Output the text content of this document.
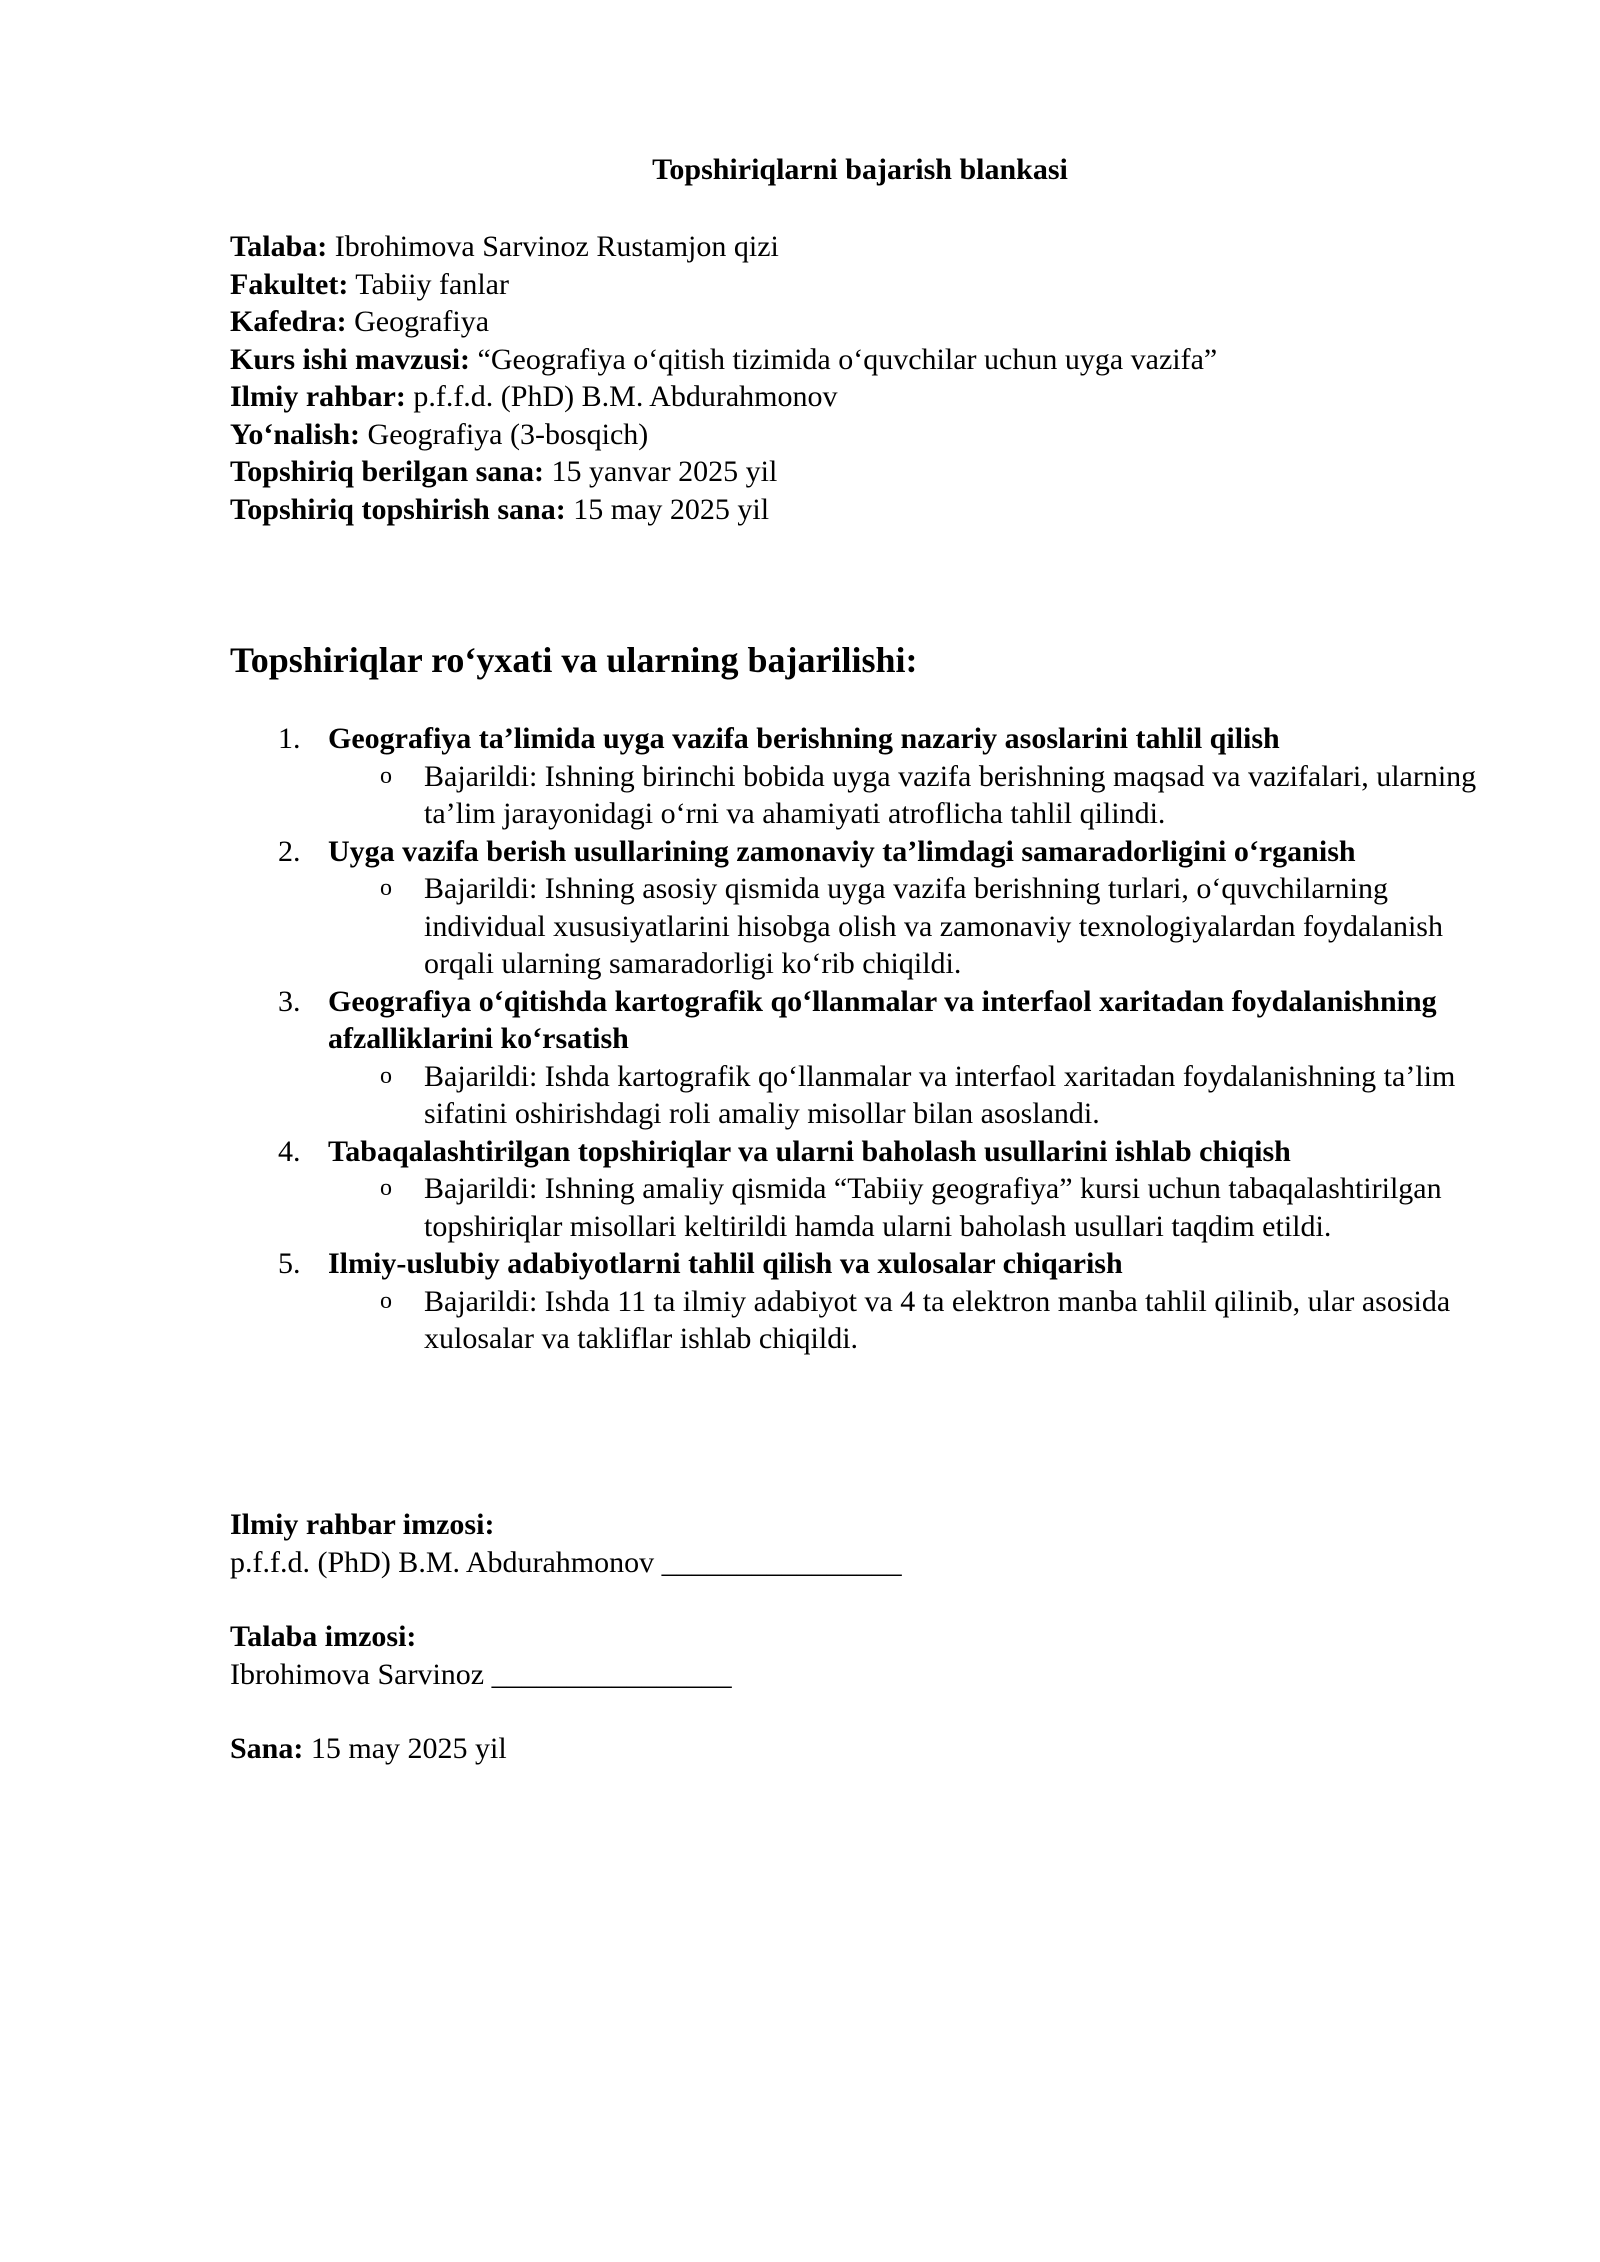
Topshiriqlarni bajarish blankasi
Talaba: Ibrohimova Sarvinoz Rustamjon qizi
Fakultet: Tabiiy fanlar
Kafedra: Geografiya
Kurs ishi mavzusi: “Geografiya o‘qitish tizimida o‘quvchilar uchun uyga vazifa”
Ilmiy rahbar: p.f.f.d. (PhD) B.M. Abdurahmonov
Yo‘nalish: Geografiya (3-bosqich)
Topshiriq berilgan sana: 15 yanvar 2025 yil
Topshiriq topshirish sana: 15 may 2025 yil
Topshiriqlar ro‘yxati va ularning bajarilishi:
1. Geografiya ta’limida uyga vazifa berishning nazariy asoslarini tahlil qilish
o Bajarildi: Ishning birinchi bobida uyga vazifa berishning maqsad va vazifalari, ularning ta’lim jarayonidagi o‘rni va ahamiyati atroflicha tahlil qilindi.
2. Uyga vazifa berish usullarining zamonaviy ta’limdagi samaradorligini o‘rganish
o Bajarildi: Ishning asosiy qismida uyga vazifa berishning turlari, o‘quvchilarning individual xususiyatlarini hisobga olish va zamonaviy texnologiyalardan foydalanish orqali ularning samaradorligi ko‘rib chiqildi.
3. Geografiya o‘qitishda kartografik qo‘llanmalar va interfaol xaritadan foydalanishning afzalliklarini ko‘rsatish
o Bajarildi: Ishda kartografik qo‘llanmalar va interfaol xaritadan foydalanishning ta’lim sifatini oshirishdagi roli amaliy misollar bilan asoslandi.
4. Tabaqalashtirilgan topshiriqlar va ularni baholash usullarini ishlab chiqish
o Bajarildi: Ishning amaliy qismida “Tabiiy geografiya” kursi uchun tabaqalashtirilgan topshiriqlar misollari keltirildi hamda ularni baholash usullari taqdim etildi.
5. Ilmiy-uslubiy adabiyotlarni tahlil qilish va xulosalar chiqarish
o Bajarildi: Ishda 11 ta ilmiy adabiyot va 4 ta elektron manba tahlil qilinib, ular asosida xulosalar va takliflar ishlab chiqildi.
Ilmiy rahbar imzosi:
p.f.f.d. (PhD) B.M. Abdurahmonov ________________
Talaba imzosi:
Ibrohimova Sarvinoz ________________
Sana: 15 may 2025 yil
